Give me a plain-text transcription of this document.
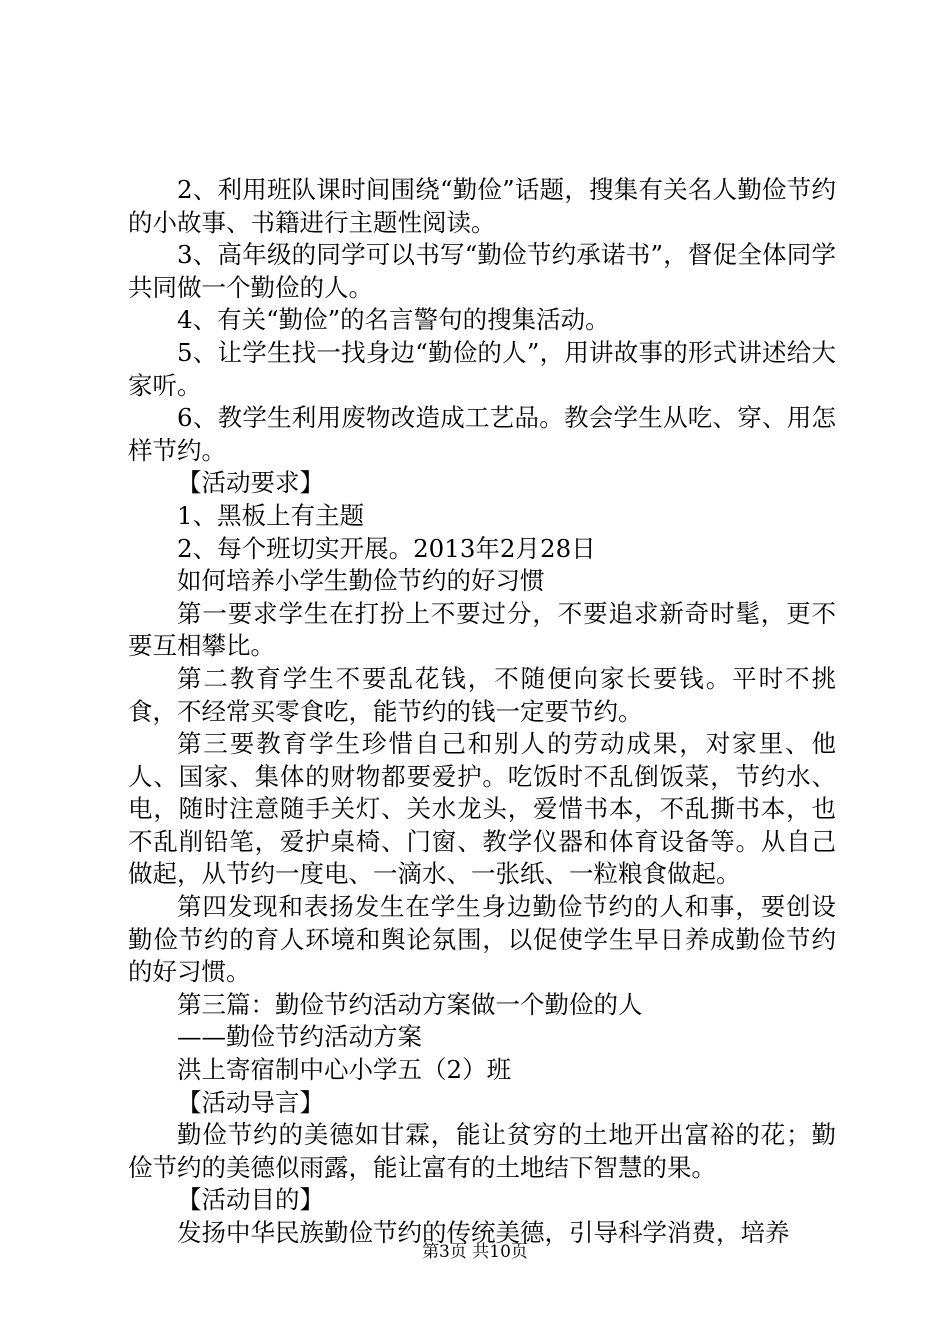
2、利用班队课时间围绕“勤俭”话题，搜集有关名人勤俭节约的小故事、书籍进行主题性阅读。

3、高年级的同学可以书写“勤俭节约承诺书”，督促全体同学共同做一个勤俭的人。

4、有关“勤俭”的名言警句的搜集活动。

5、让学生找一找身边“勤俭的人”，用讲故事的形式讲述给大家听。

6、教学生利用废物改造成工艺品。教会学生从吃、穿、用怎样节约。

【活动要求】

1、黑板上有主题

2、每个班切实开展。2013年2月28日

如何培养小学生勤俭节约的好习惯

第一要求学生在打扮上不要过分，不要追求新奇时髦，更不要互相攀比。

第二教育学生不要乱花钱，不随便向家长要钱。平时不挑食，不经常买零食吃，能节约的钱一定要节约。

第三要教育学生珍惜自己和别人的劳动成果，对家里、他人、国家、集体的财物都要爱护。吃饭时不乱倒饭菜，节约水、电，随时注意随手关灯、关水龙头，爱惜书本，不乱撕书本，也不乱削铅笔，爱护桌椅、门窗、教学仪器和体育设备等。从自己做起，从节约一度电、一滴水、一张纸、一粒粮食做起。

第四发现和表扬发生在学生身边勤俭节约的人和事，要创设勤俭节约的育人环境和舆论氛围，以促使学生早日养成勤俭节约的好习惯。

第三篇：勤俭节约活动方案做一个勤俭的人

——勤俭节约活动方案

洪上寄宿制中心小学五（2）班

【活动导言】

勤俭节约的美德如甘霖，能让贫穷的土地开出富裕的花；勤俭节约的美德似雨露，能让富有的土地结下智慧的果。

【活动目的】

发扬中华民族勤俭节约的传统美德，引导科学消费，培养

第3页 共10页
